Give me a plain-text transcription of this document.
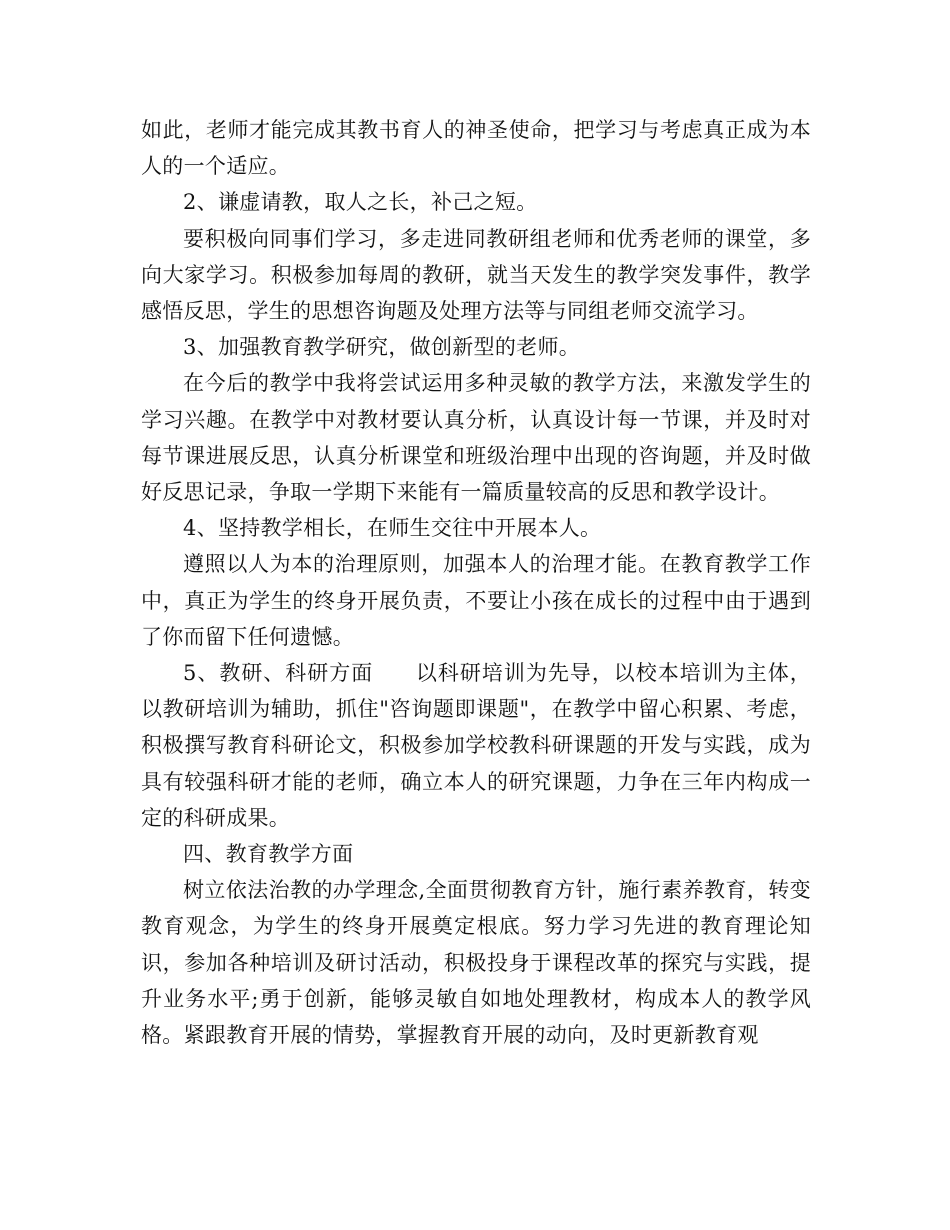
如此，老师才能完成其教书育人的神圣使命，把学习与考虑真正成为本人的一个适应。

2、谦虚请教，取人之长，补己之短。

要积极向同事们学习，多走进同教研组老师和优秀老师的课堂，多向大家学习。积极参加每周的教研，就当天发生的教学突发事件，教学感悟反思，学生的思想咨询题及处理方法等与同组老师交流学习。

3、加强教育教学研究，做创新型的老师。

在今后的教学中我将尝试运用多种灵敏的教学方法，来激发学生的学习兴趣。在教学中对教材要认真分析，认真设计每一节课，并及时对每节课进展反思，认真分析课堂和班级治理中出现的咨询题，并及时做好反思记录，争取一学期下来能有一篇质量较高的反思和教学设计。

4、坚持教学相长，在师生交往中开展本人。

遵照以人为本的治理原则，加强本人的治理才能。在教育教学工作中，真正为学生的终身开展负责，不要让小孩在成长的过程中由于遇到了你而留下任何遗憾。

5、教研、科研方面 以科研培训为先导，以校本培训为主体，以教研培训为辅助，抓住"咨询题即课题"，在教学中留心积累、考虑，积极撰写教育科研论文，积极参加学校教科研课题的开发与实践，成为具有较强科研才能的老师，确立本人的研究课题，力争在三年内构成一定的科研成果。

四、教育教学方面

树立依法治教的办学理念,全面贯彻教育方针，施行素养教育，转变教育观念，为学生的终身开展奠定根底。努力学习先进的教育理论知识，参加各种培训及研讨活动，积极投身于课程改革的探究与实践，提升业务水平;勇于创新，能够灵敏自如地处理教材，构成本人的教学风格。紧跟教育开展的情势，掌握教育开展的动向，及时更新教育观
